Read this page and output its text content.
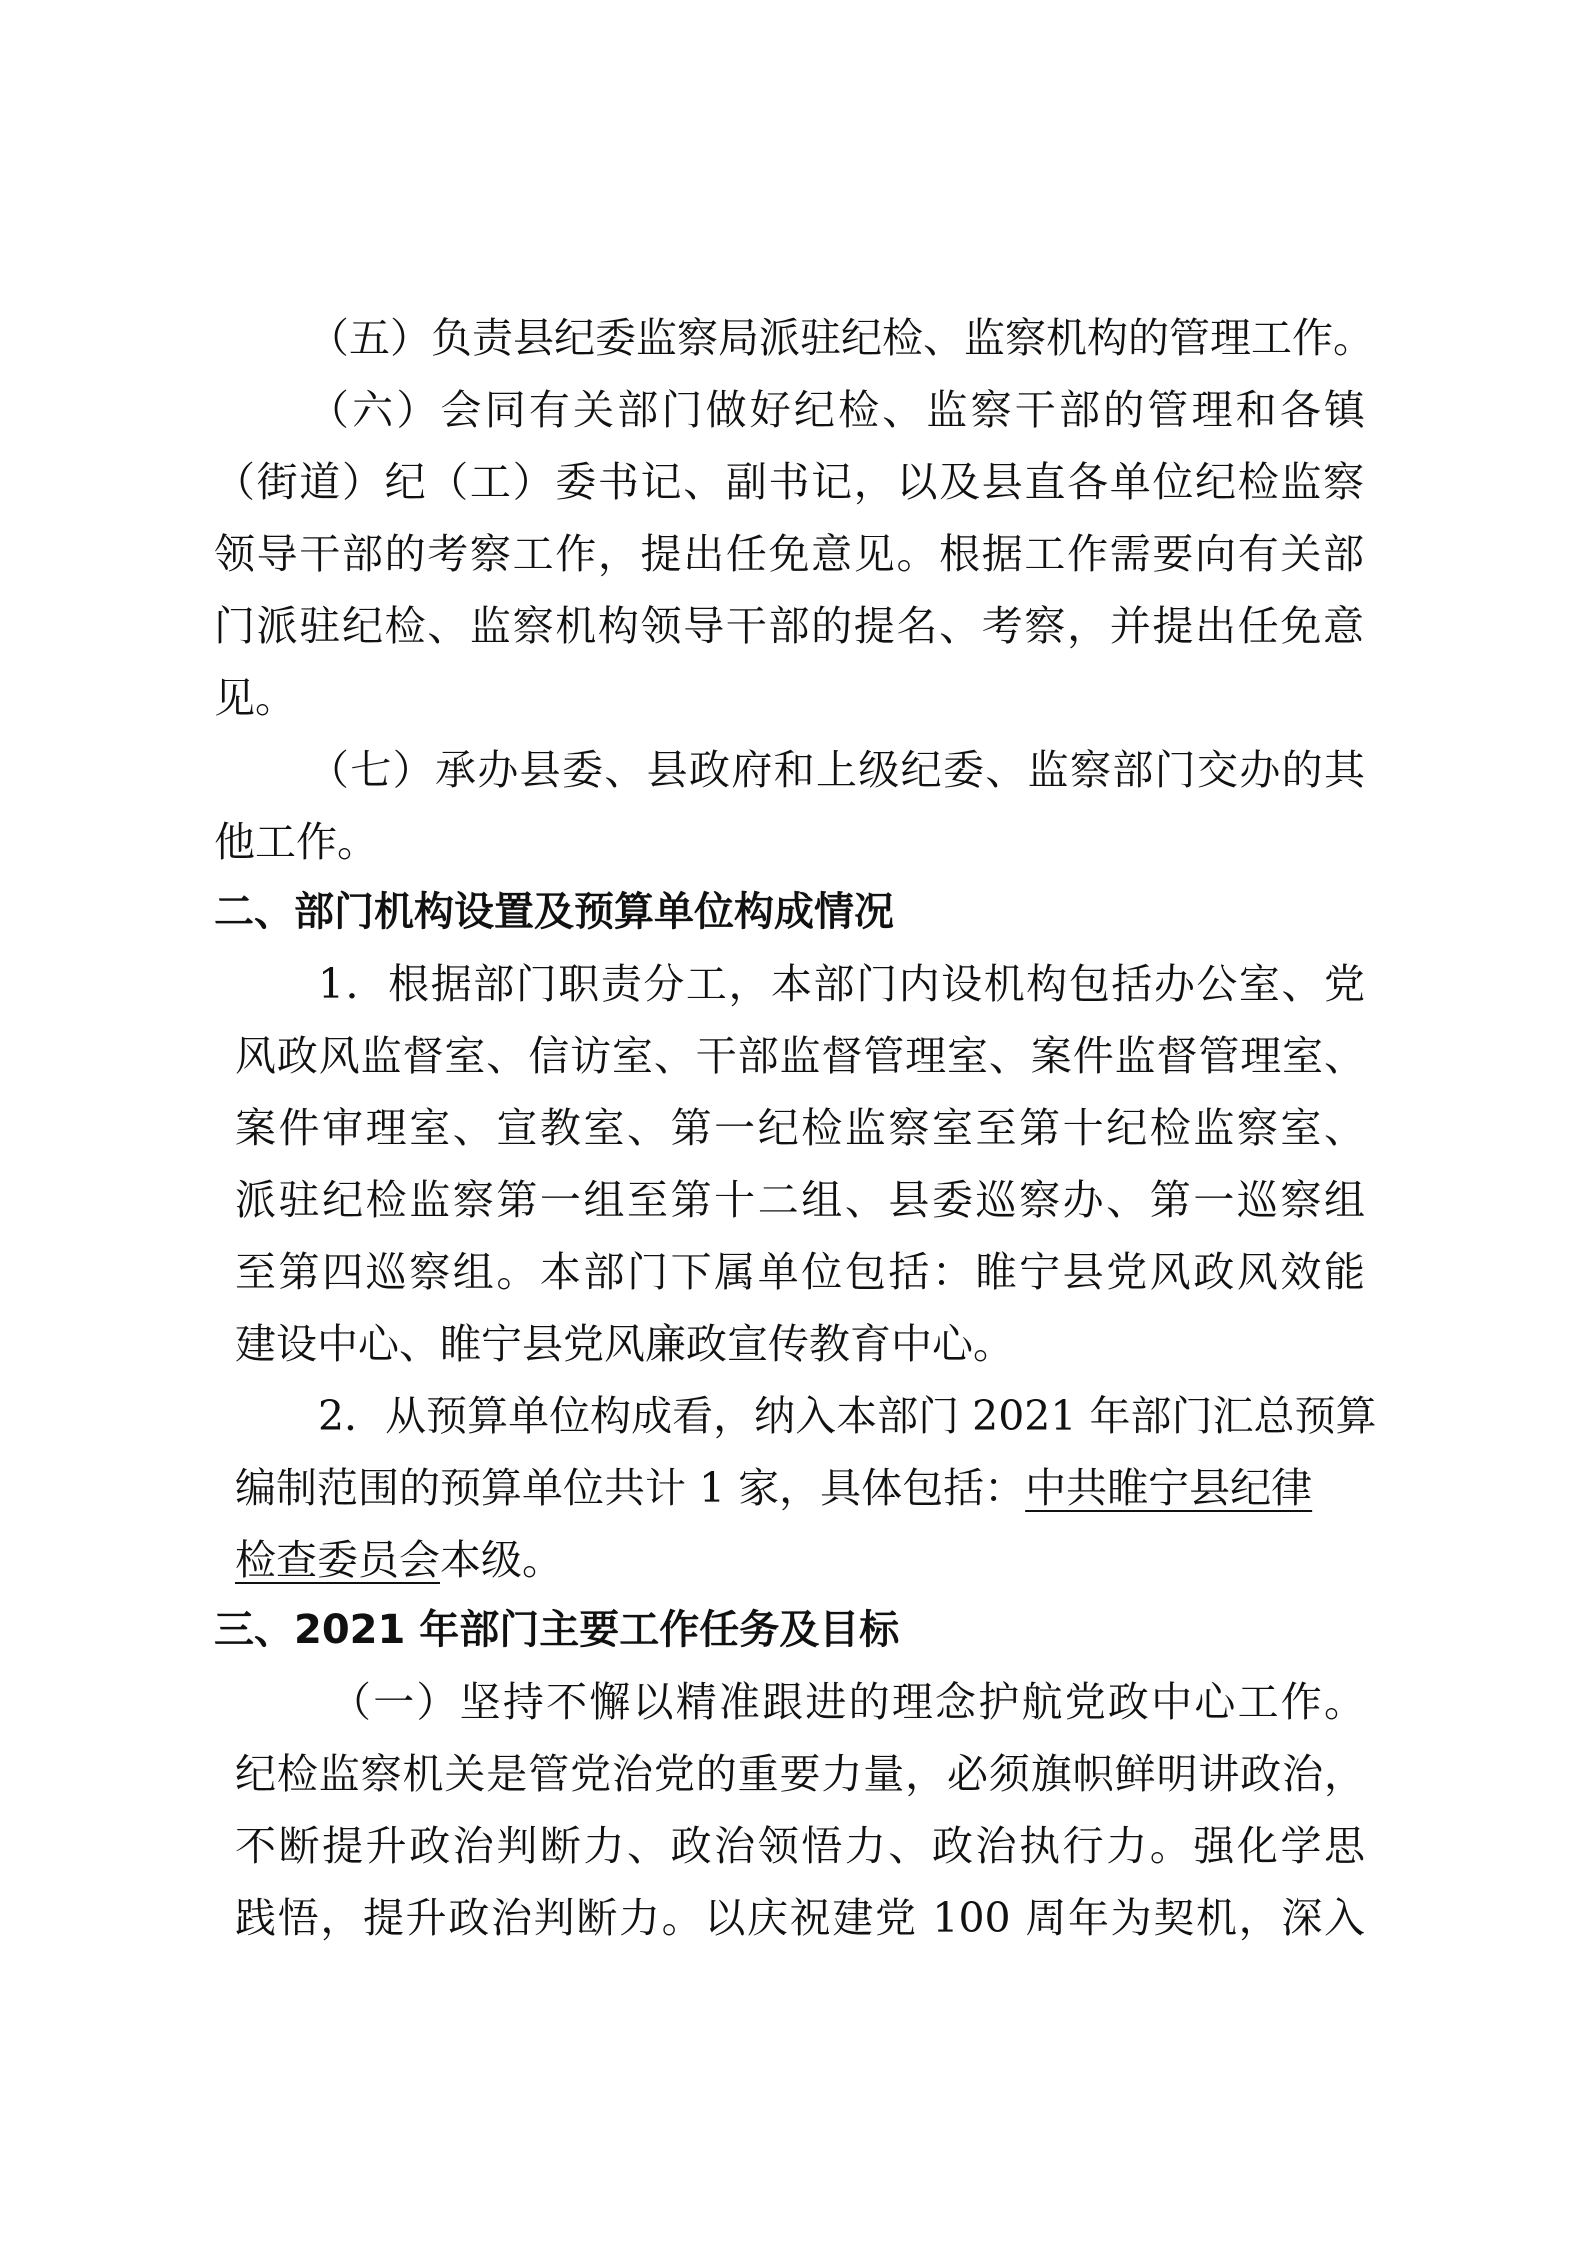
（五）负责县纪委监察局派驻纪检、监察机构的管理工作。
（六）会同有关部门做好纪检、监察干部的管理和各镇
（街道）纪（工）委书记、副书记，以及县直各单位纪检监察
领导干部的考察工作，提出任免意见。根据工作需要向有关部
门派驻纪检、监察机构领导干部的提名、考察，并提出任免意
见。
（七）承办县委、县政府和上级纪委、监察部门交办的其
他工作。
二、部门机构设置及预算单位构成情况
1．根据部门职责分工，本部门内设机构包括办公室、党
风政风监督室、信访室、干部监督管理室、案件监督管理室、
案件审理室、宣教室、第一纪检监察室至第十纪检监察室、
派驻纪检监察第一组至第十二组、县委巡察办、第一巡察组
至第四巡察组。本部门下属单位包括：睢宁县党风政风效能
建设中心、睢宁县党风廉政宣传教育中心。
2．从预算单位构成看，纳入本部门 2021 年部门汇总预算
编制范围的预算单位共计 1 家，具体包括：中共睢宁县纪律
检查委员会本级。
三、2021 年部门主要工作任务及目标
（一）坚持不懈以精准跟进的理念护航党政中心工作。
纪检监察机关是管党治党的重要力量，必须旗帜鲜明讲政治，
不断提升政治判断力、政治领悟力、政治执行力。强化学思
践悟，提升政治判断力。以庆祝建党 100 周年为契机，深入
